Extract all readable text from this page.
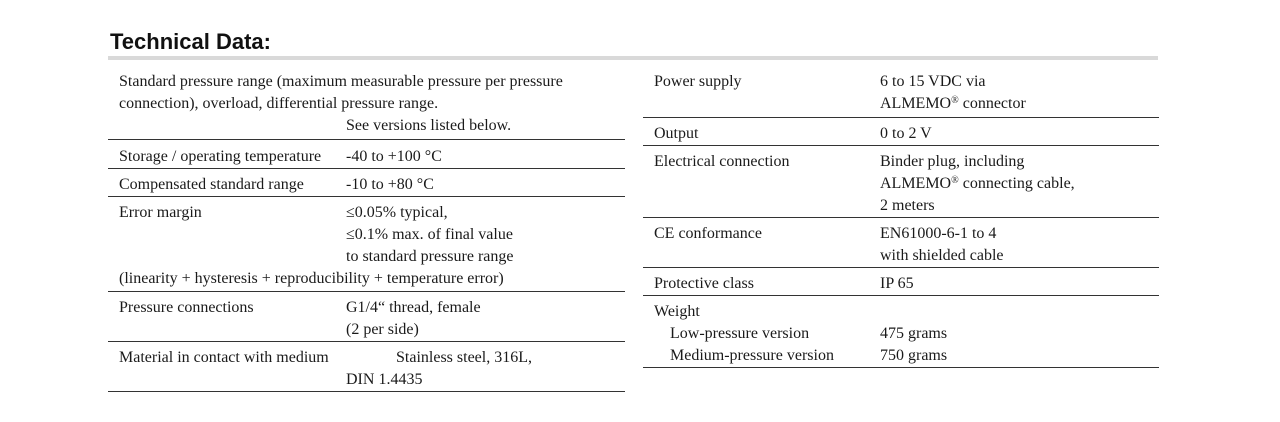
Technical Data:
Standard pressure range (maximum measurable pressure per pressure
connection), overload, differential pressure range.
See versions listed below.
Storage / operating temperature -40 to +100 °C
Compensated standard range	-10 to +80 °C
Error margin	≤0.05% typical,
≤0.1% max. of final value
to standard pressure range
(linearity + hysteresis + reproducibility + temperature error)
Pressure connections	G1/4“ thread, female
(2 per side)
Material in contact with medium	Stainless steel, 316L,
DIN 1.4435
Power supply	6 to 15 VDC via
ALMEMO® connector
Output	0 to 2 V
Electrical connection	Binder plug, including
ALMEMO® connecting cable,
2 meters
CE conformance	EN61000-6-1 to 4
with shielded cable
Protective class	IP 65
Weight
Low-pressure version	475 grams
Medium-pressure version	750 grams
